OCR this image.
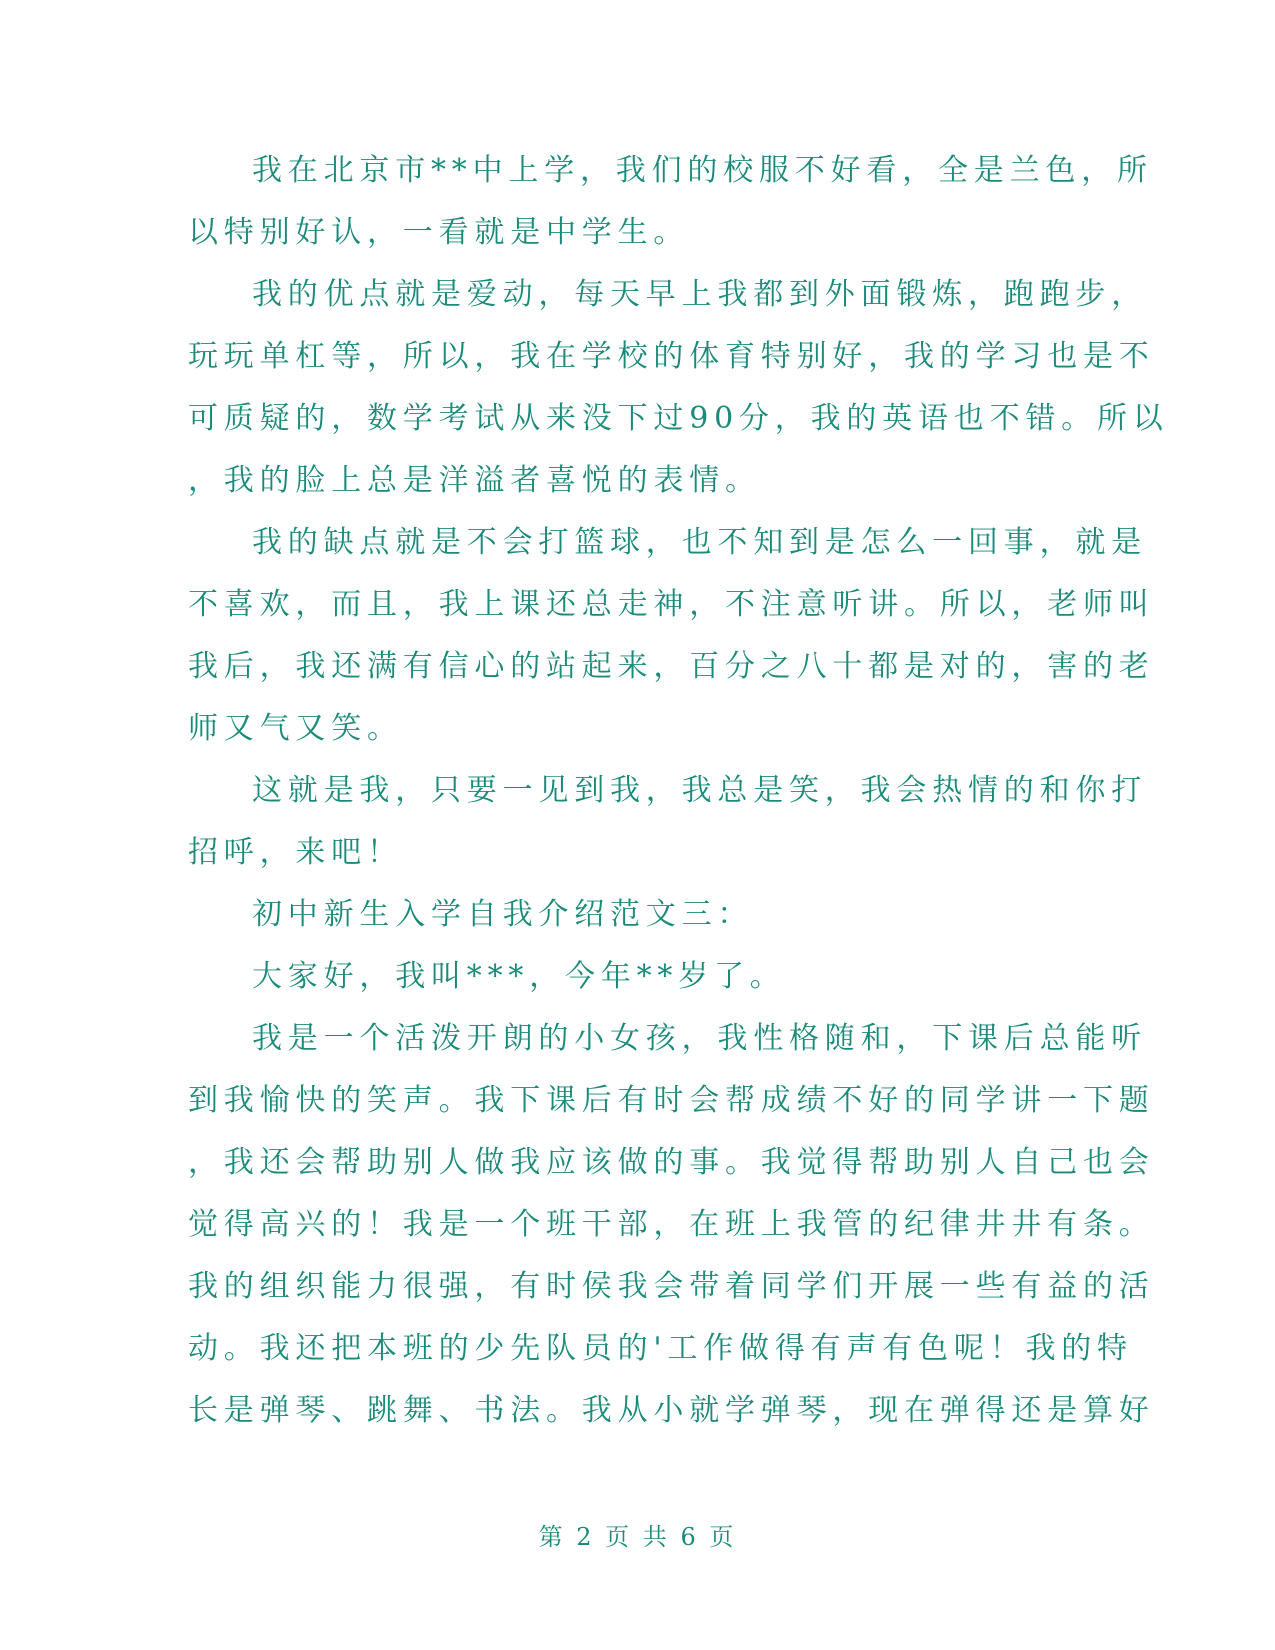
我在北京市**中上学，我们的校服不好看，全是兰色，所
以特别好认，一看就是中学生。
我的优点就是爱动，每天早上我都到外面锻炼，跑跑步，
玩玩单杠等，所以，我在学校的体育特别好，我的学习也是不
可质疑的，数学考试从来没下过90分，我的英语也不错。所以
，我的脸上总是洋溢者喜悦的表情。
我的缺点就是不会打篮球，也不知到是怎么一回事，就是
不喜欢，而且，我上课还总走神，不注意听讲。所以，老师叫
我后，我还满有信心的站起来，百分之八十都是对的，害的老
师又气又笑。
这就是我，只要一见到我，我总是笑，我会热情的和你打
招呼，来吧！
初中新生入学自我介绍范文三：
大家好，我叫***，今年**岁了。
我是一个活泼开朗的小女孩，我性格随和，下课后总能听
到我愉快的笑声。我下课后有时会帮成绩不好的同学讲一下题
，我还会帮助别人做我应该做的事。我觉得帮助别人自己也会
觉得高兴的！我是一个班干部，在班上我管的纪律井井有条。
我的组织能力很强，有时侯我会带着同学们开展一些有益的活
动。我还把本班的少先队员的'工作做得有声有色呢！我的特
长是弹琴、跳舞、书法。我从小就学弹琴，现在弹得还是算好
第 2 页 共 6 页
